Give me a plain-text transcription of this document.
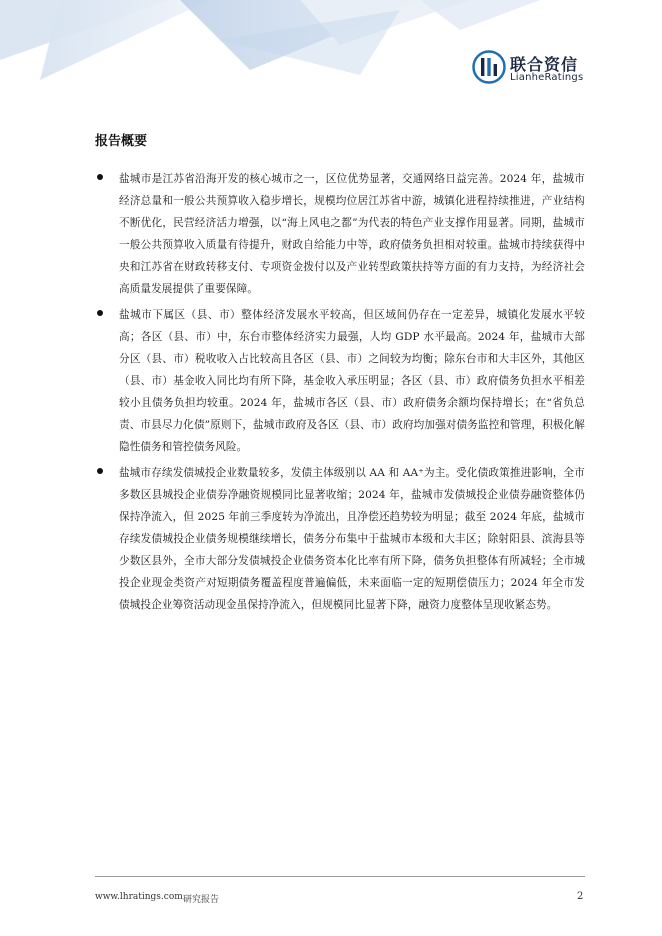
联合资信
LianheRatings
报告概要
盐城市是江苏省沿海开发的核心城市之一，区位优势显著，交通网络日益完善。2024 年，盐城市经济总量和一般公共预算收入稳步增长，规模均位居江苏省中游，城镇化进程持续推进，产业结构不断优化，民营经济活力增强，以“海上风电之都”为代表的特色产业支撑作用显著。同期，盐城市一般公共预算收入质量有待提升，财政自给能力中等，政府债务负担相对较重。盐城市持续获得中央和江苏省在财政转移支付、专项资金拨付以及产业转型政策扶持等方面的有力支持，为经济社会高质量发展提供了重要保障。
盐城市下属区（县、市）整体经济发展水平较高，但区域间仍存在一定差异，城镇化发展水平较高；各区（县、市）中，东台市整体经济实力最强，人均 GDP 水平最高。2024 年，盐城市大部分区（县、市）税收收入占比较高且各区（县、市）之间较为均衡；除东台市和大丰区外，其他区（县、市）基金收入同比均有所下降，基金收入承压明显；各区（县、市）政府债务负担水平相差较小且债务负担均较重。2024 年，盐城市各区（县、市）政府债务余额均保持增长；在“省负总责、市县尽力化债”原则下，盐城市政府及各区（县、市）政府均加强对债务监控和管理，积极化解隐性债务和管控债务风险。
盐城市存续发债城投企业数量较多，发债主体级别以 AA 和 AA⁺为主。受化债政策推进影响，全市多数区县城投企业债券净融资规模同比显著收缩；2024 年，盐城市发债城投企业债券融资整体仍保持净流入，但 2025 年前三季度转为净流出，且净偿还趋势较为明显；截至 2024 年底，盐城市存续发债城投企业债务规模继续增长，债务分布集中于盐城市本级和大丰区；除射阳县、滨海县等少数区县外，全市大部分发债城投企业债务资本化比率有所下降，债务负担整体有所减轻；全市城投企业现金类资产对短期债务覆盖程度普遍偏低，未来面临一定的短期偿债压力；2024 年全市发债城投企业筹资活动现金虽保持净流入，但规模同比显著下降，融资力度整体呈现收紧态势。
www.lhratings.com 研究报告	2
